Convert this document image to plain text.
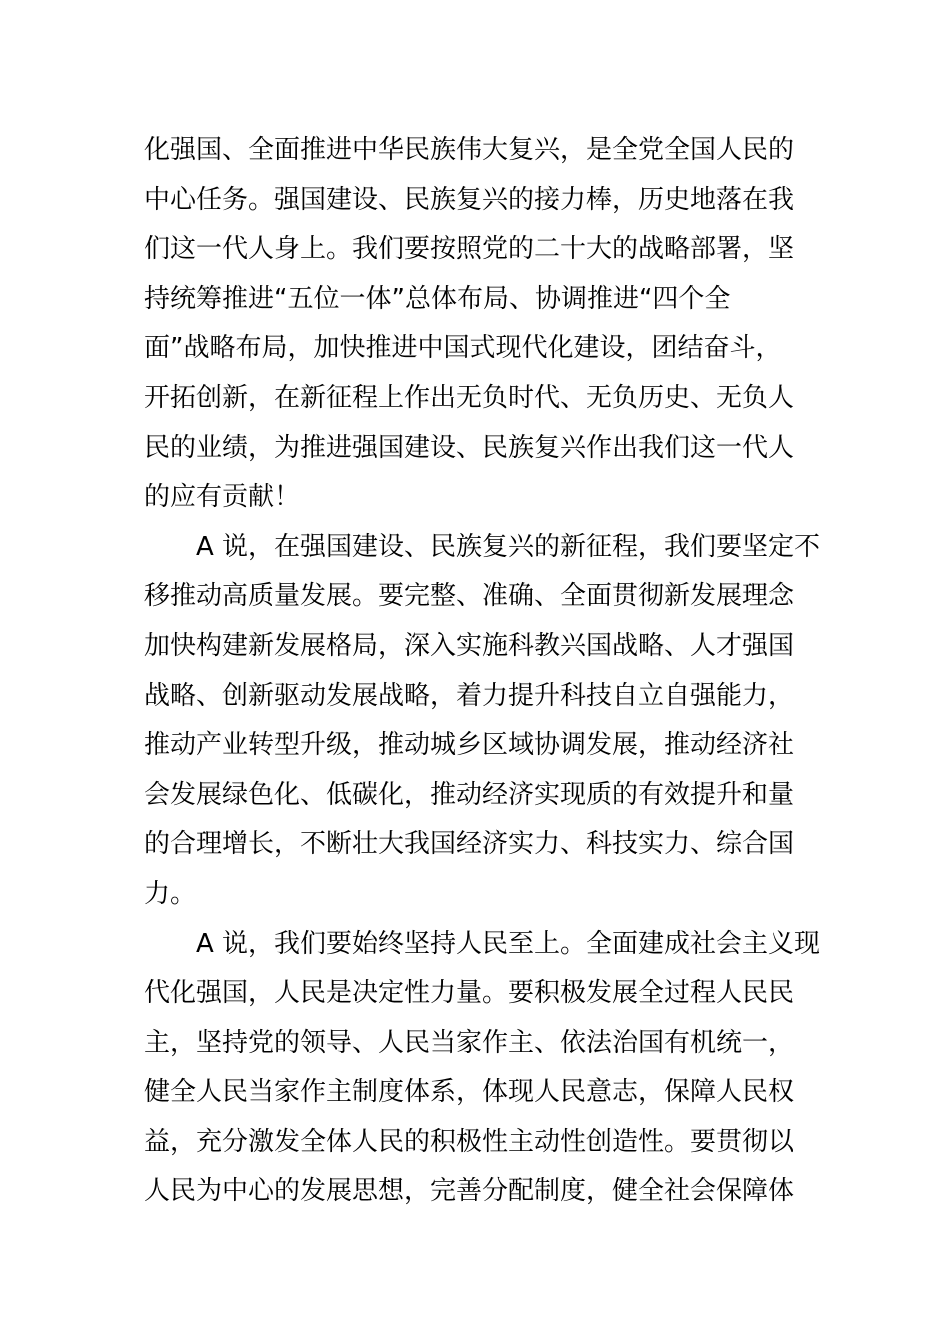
化强国、全面推进中华民族伟大复兴，是全党全国人民的
中心任务。强国建设、民族复兴的接力棒，历史地落在我
们这一代人身上。我们要按照党的二十大的战略部署，坚
持统筹推进“五位一体”总体布局、协调推进“四个全
面”战略布局，加快推进中国式现代化建设，团结奋斗，
开拓创新，在新征程上作出无负时代、无负历史、无负人
民的业绩，为推进强国建设、民族复兴作出我们这一代人
的应有贡献！
A 说，在强国建设、民族复兴的新征程，我们要坚定不
移推动高质量发展。要完整、准确、全面贯彻新发展理念
加快构建新发展格局，深入实施科教兴国战略、人才强国
战略、创新驱动发展战略，着力提升科技自立自强能力，
推动产业转型升级，推动城乡区域协调发展，推动经济社
会发展绿色化、低碳化，推动经济实现质的有效提升和量
的合理增长，不断壮大我国经济实力、科技实力、综合国
力。
A 说，我们要始终坚持人民至上。全面建成社会主义现
代化强国，人民是决定性力量。要积极发展全过程人民民
主，坚持党的领导、人民当家作主、依法治国有机统一，
健全人民当家作主制度体系，体现人民意志，保障人民权
益，充分激发全体人民的积极性主动性创造性。要贯彻以
人民为中心的发展思想，完善分配制度，健全社会保障体
